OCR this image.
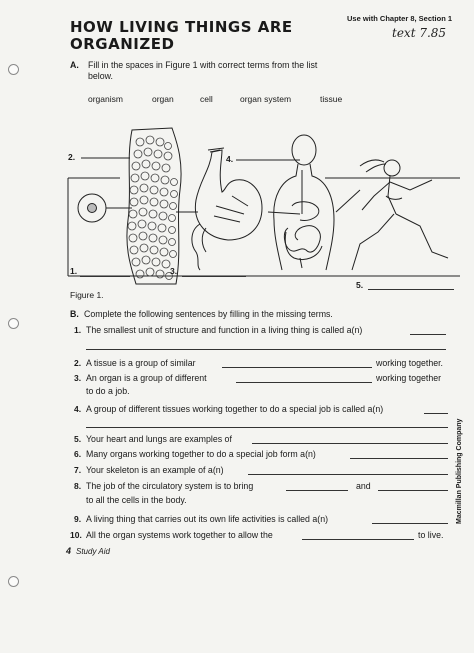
HOW LIVING THINGS ARE
ORGANIZED
Use with Chapter 8, Section 1
text 7.85
A. Fill in the spaces in Figure 1 with correct terms from the list
below.
organism	organ	cell	organ system	tissue
2.	4.
1.	3.
5.
Figure 1.
B. Complete the following sentences by filling in the missing terms.
1. The smallest unit of structure and function in a living thing is called a(n)
2. A tissue is a group of similar	working together.
3. An organ is a group of different	working together
to do a job.
4. A group of different tissues working together to do a special job is called a(n)
5. Your heart and lungs are examples of
6. Many organs working together to do a special job form a(n)
7. Your skeleton is an example of a(n)
8. The job of the circulatory system is to bring	and
to all the cells in the body.
9. A living thing that carries out its own life activities is called a(n)
10. All the organ systems work together to allow the	to live.
Macmillan Publishing Company
4 Study Aid
